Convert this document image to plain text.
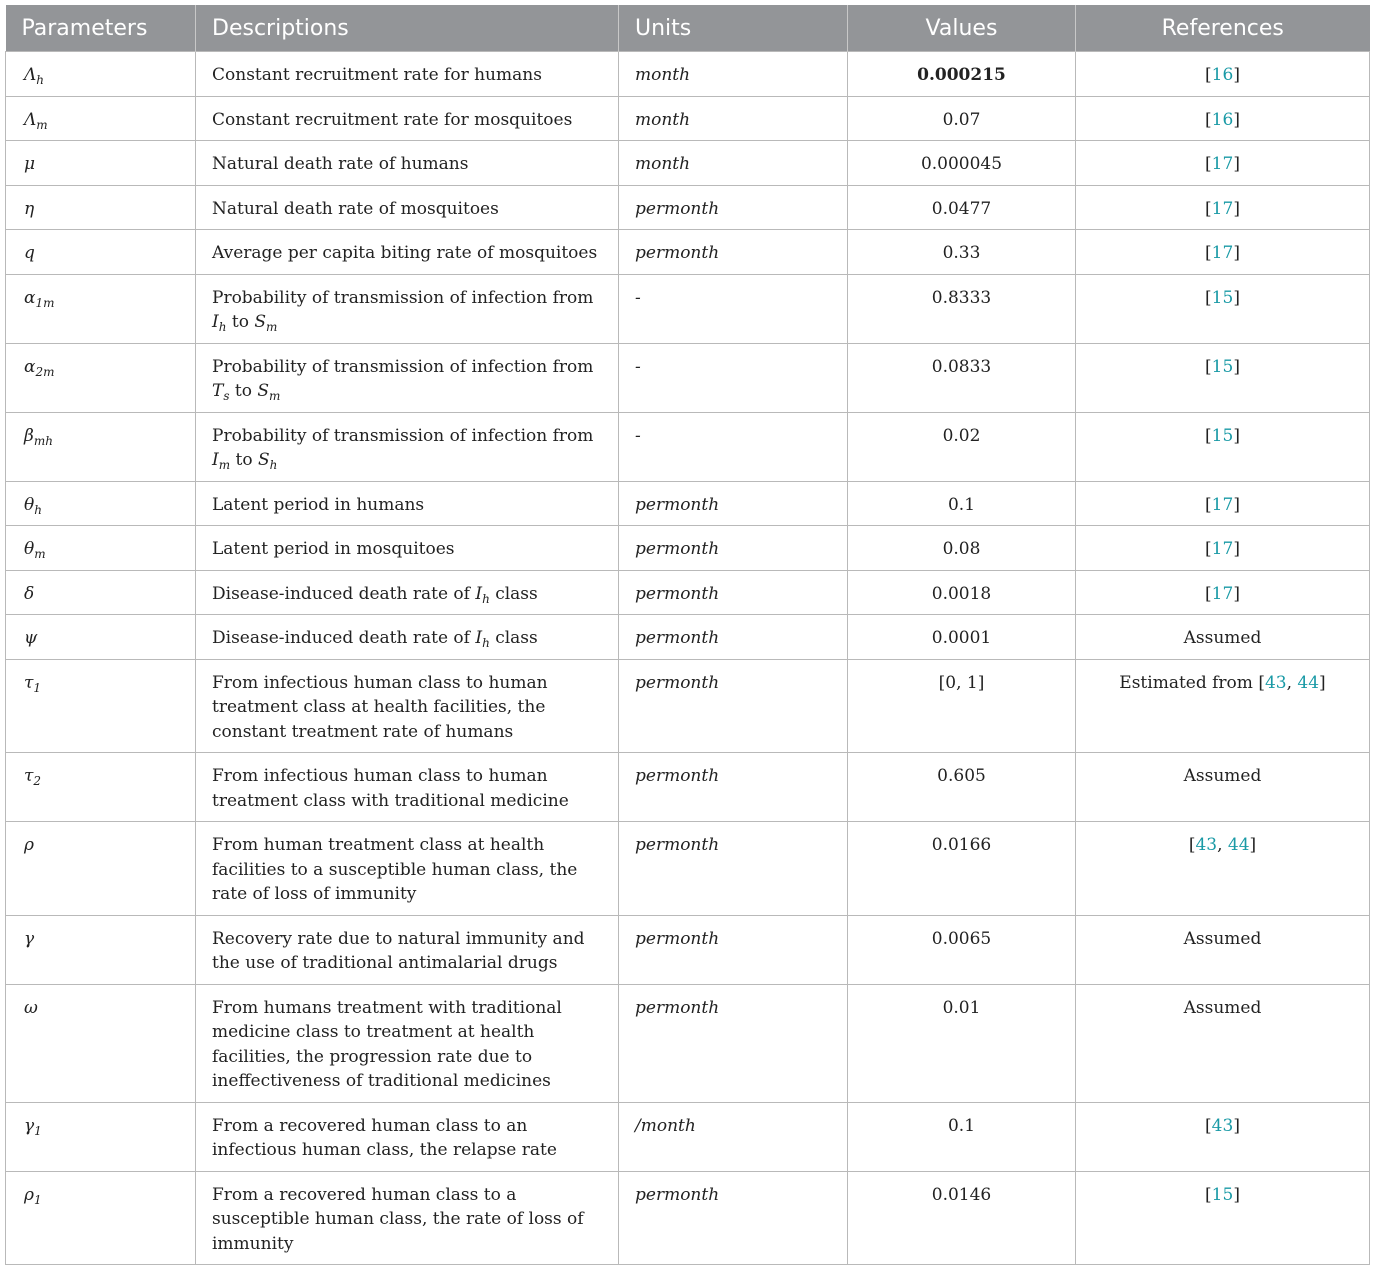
Parameters	Descriptions	Units	Values	References
$\Lambda_h$	Constant recruitment rate for humans	month	0.000215	[16]
$\Lambda_m$	Constant recruitment rate for mosquitoes	month	0.07	[16]
μ	Natural death rate of humans	month	0.000045	[17]
η	Natural death rate of mosquitoes	permonth	0.0477	[17]
q	Average per capita biting rate of mosquitoes	permonth	0.33	[17]
$\alpha_{1m}$	Probability of transmission of infection from $I_h$ to $S_m$	-	0.8333	[15]
$\alpha_{2m}$	Probability of transmission of infection from $T_s$ to $S_m$	-	0.0833	[15]
$\beta_{mh}$	Probability of transmission of infection from $I_m$ to $S_h$	-	0.02	[15]
$\theta_h$	Latent period in humans	permonth	0.1	[17]
$\theta_m$	Latent period in mosquitoes	permonth	0.08	[17]
δ	Disease-induced death rate of $I_h$ class	permonth	0.0018	[17]
ψ	Disease-induced death rate of $I_h$ class	permonth	0.0001	Assumed
$\tau_1$	From infectious human class to human treatment class at health facilities, the constant treatment rate of humans	permonth	[0, 1]	Estimated from [43, 44]
$\tau_2$	From infectious human class to human treatment class with traditional medicine	permonth	0.605	Assumed
ρ	From human treatment class at health facilities to a susceptible human class, the rate of loss of immunity	permonth	0.0166	[43, 44]
γ	Recovery rate due to natural immunity and the use of traditional antimalarial drugs	permonth	0.0065	Assumed
ω	From humans treatment with traditional medicine class to treatment at health facilities, the progression rate due to ineffectiveness of traditional medicines	permonth	0.01	Assumed
$\gamma_1$	From a recovered human class to an infectious human class, the relapse rate	/month	0.1	[43]
$\rho_1$	From a recovered human class to a susceptible human class, the rate of loss of immunity	permonth	0.0146	[15]
